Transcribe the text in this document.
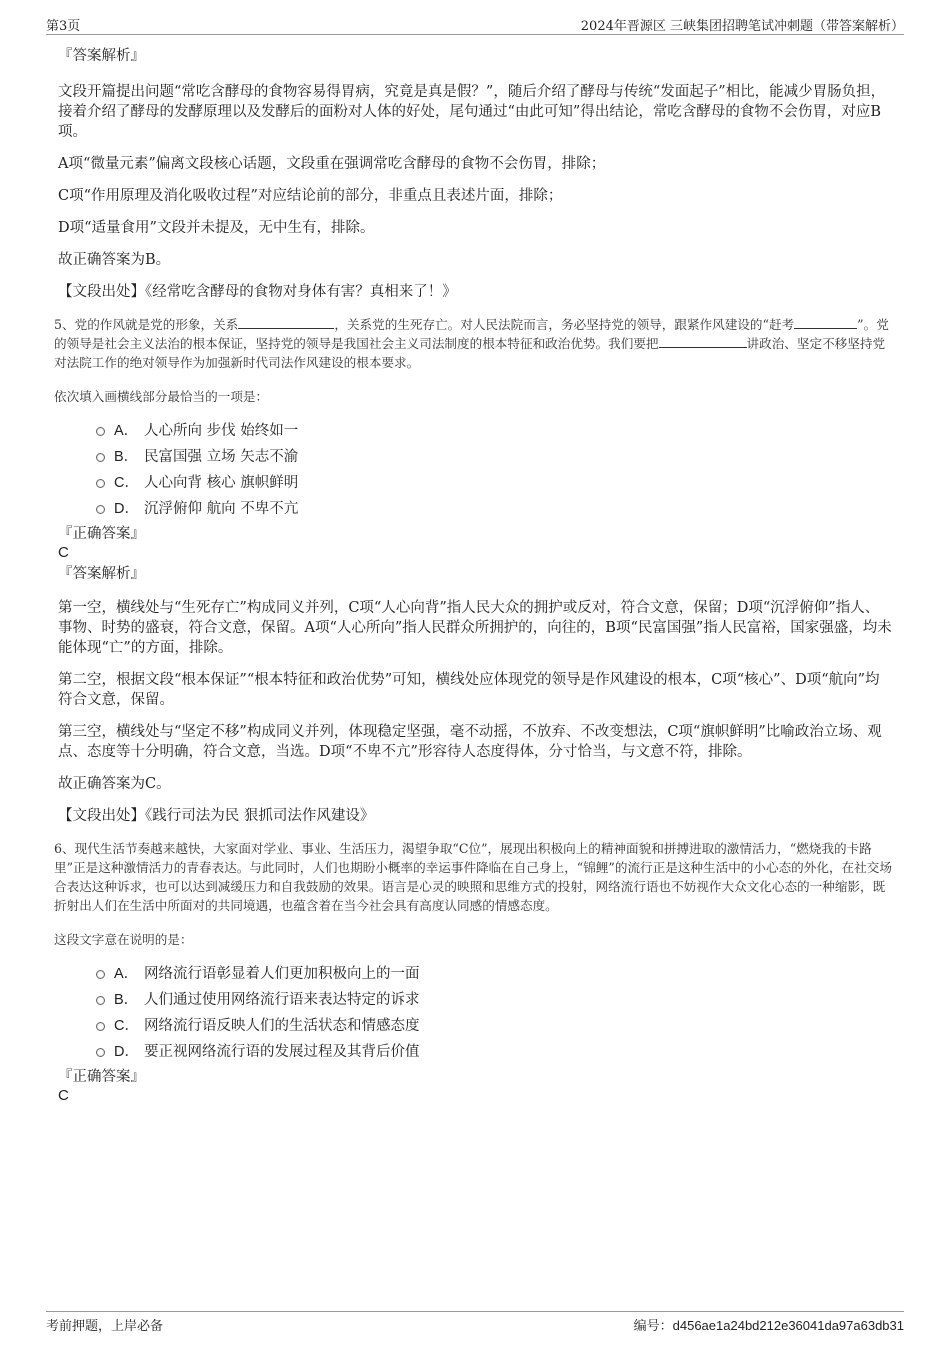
第3页	2024年晋源区 三峡集团招聘笔试冲刺题（带答案解析）

『答案解析』

文段开篇提出问题“常吃含酵母的食物容易得胃病，究竟是真是假？”，随后介绍了酵母与传统“发面起子”相比，能减少胃肠负担，接着介绍了酵母的发酵原理以及发酵后的面粉对人体的好处，尾句通过“由此可知”得出结论，常吃含酵母的食物不会伤胃，对应B项。

A项“微量元素”偏离文段核心话题，文段重在强调常吃含酵母的食物不会伤胃，排除；

C项“作用原理及消化吸收过程”对应结论前的部分，非重点且表述片面，排除；

D项“适量食用”文段并未提及，无中生有，排除。

故正确答案为B。

【文段出处】《经常吃含酵母的食物对身体有害？真相来了！》

5、党的作风就是党的形象，关系	，关系党的生死存亡。对人民法院而言，务必坚持党的领导，跟紧作风建设的“赶考	”。党的领导是社会主义法治的根本保证，坚持党的领导是我国社会主义司法制度的根本特征和政治优势。我们要把	讲政治、坚定不移坚持党对法院工作的绝对领导作为加强新时代司法作风建设的根本要求。

依次填入画横线部分最恰当的一项是：

A． 人心所向 步伐 始终如一
B． 民富国强 立场 矢志不渝
C． 人心向背 核心 旗帜鲜明
D． 沉浮俯仰 航向 不卑不亢

『正确答案』

C

『答案解析』

第一空，横线处与“生死存亡”构成同义并列，C项“人心向背”指人民大众的拥护或反对，符合文意，保留；D项“沉浮俯仰”指人、事物、时势的盛衰，符合文意，保留。A项“人心所向”指人民群众所拥护的，向往的，B项“民富国强”指人民富裕，国家强盛，均未能体现“亡”的方面，排除。

第二空，根据文段“根本保证”“根本特征和政治优势”可知，横线处应体现党的领导是作风建设的根本，C项“核心”、D项“航向”均符合文意，保留。

第三空，横线处与“坚定不移”构成同义并列，体现稳定坚强，毫不动摇，不放弃、不改变想法，C项“旗帜鲜明”比喻政治立场、观点、态度等十分明确，符合文意，当选。D项“不卑不亢”形容待人态度得体，分寸恰当，与文意不符，排除。

故正确答案为C。

【文段出处】《践行司法为民 狠抓司法作风建设》

6、现代生活节奏越来越快，大家面对学业、事业、生活压力，渴望争取“C位”，展现出积极向上的精神面貌和拼搏进取的激情活力，“燃烧我的卡路里”正是这种激情活力的青春表达。与此同时，人们也期盼小概率的幸运事件降临在自己身上，“锦鲤”的流行正是这种生活中的小心态的外化，在社交场合表达这种诉求，也可以达到减缓压力和自我鼓励的效果。语言是心灵的映照和思维方式的投射，网络流行语也不妨视作大众文化心态的一种缩影，既折射出人们在生活中所面对的共同境遇，也蕴含着在当今社会具有高度认同感的情感态度。

这段文字意在说明的是：

A． 网络流行语彰显着人们更加积极向上的一面
B． 人们通过使用网络流行语来表达特定的诉求
C． 网络流行语反映人们的生活状态和情感态度
D． 要正视网络流行语的发展过程及其背后价值

『正确答案』

C

考前押题，上岸必备	编号：d456ae1a24bd212e36041da97a63db31
